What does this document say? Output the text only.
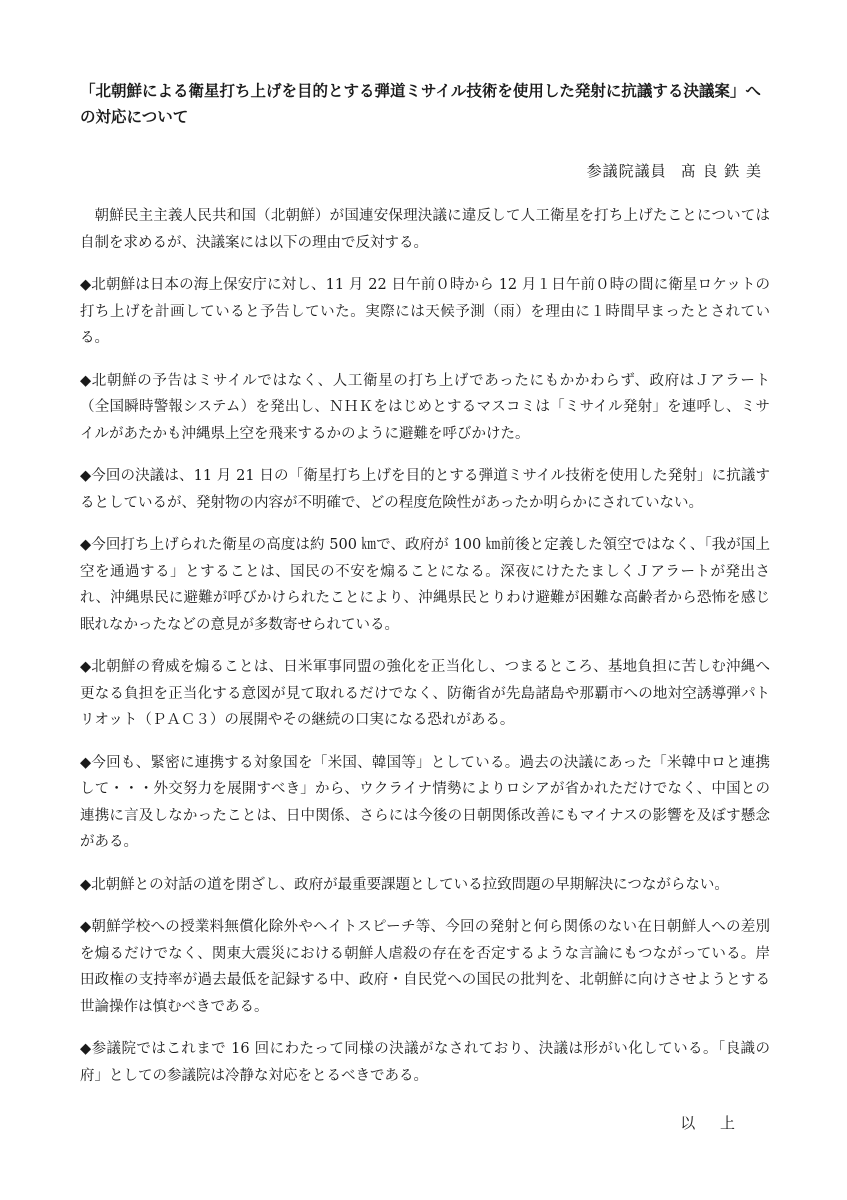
「北朝鮮による衛星打ち上げを目的とする弾道ミサイル技術を使用した発射に抗議する決議案」への対応について

参議院議員 髙 良 鉄 美

朝鮮民主主義人民共和国（北朝鮮）が国連安保理決議に違反して人工衛星を打ち上げたことについては自制を求めるが、決議案には以下の理由で反対する。

◆北朝鮮は日本の海上保安庁に対し、11 月 22 日午前０時から 12 月１日午前０時の間に衛星ロケットの打ち上げを計画していると予告していた。実際には天候予測（雨）を理由に１時間早まったとされている。

◆北朝鮮の予告はミサイルではなく、人工衛星の打ち上げであったにもかかわらず、政府はＪアラート（全国瞬時警報システム）を発出し、ＮＨＫをはじめとするマスコミは「ミサイル発射」を連呼し、ミサイルがあたかも沖縄県上空を飛来するかのように避難を呼びかけた。

◆今回の決議は、11 月 21 日の「衛星打ち上げを目的とする弾道ミサイル技術を使用した発射」に抗議するとしているが、発射物の内容が不明確で、どの程度危険性があったか明らかにされていない。

◆今回打ち上げられた衛星の高度は約 500 ㎞で、政府が 100 ㎞前後と定義した領空ではなく、「我が国上空を通過する」とすることは、国民の不安を煽ることになる。深夜にけたたましくＪアラートが発出され、沖縄県民に避難が呼びかけられたことにより、沖縄県民とりわけ避難が困難な高齢者から恐怖を感じ眠れなかったなどの意見が多数寄せられている。

◆北朝鮮の脅威を煽ることは、日米軍事同盟の強化を正当化し、つまるところ、基地負担に苦しむ沖縄へ更なる負担を正当化する意図が見て取れるだけでなく、防衛省が先島諸島や那覇市への地対空誘導弾パトリオット（ＰＡＣ３）の展開やその継続の口実になる恐れがある。

◆今回も、緊密に連携する対象国を「米国、韓国等」としている。過去の決議にあった「米韓中ロと連携して・・・外交努力を展開すべき」から、ウクライナ情勢によりロシアが省かれただけでなく、中国との連携に言及しなかったことは、日中関係、さらには今後の日朝関係改善にもマイナスの影響を及ぼす懸念がある。

◆北朝鮮との対話の道を閉ざし、政府が最重要課題としている拉致問題の早期解決につながらない。

◆朝鮮学校への授業料無償化除外やヘイトスピーチ等、今回の発射と何ら関係のない在日朝鮮人への差別を煽るだけでなく、関東大震災における朝鮮人虐殺の存在を否定するような言論にもつながっている。岸田政権の支持率が過去最低を記録する中、政府・自民党への国民の批判を、北朝鮮に向けさせようとする世論操作は慎むべきである。

◆参議院ではこれまで 16 回にわたって同様の決議がなされており、決議は形がい化している。「良識の府」としての参議院は冷静な対応をとるべきである。

以 上
